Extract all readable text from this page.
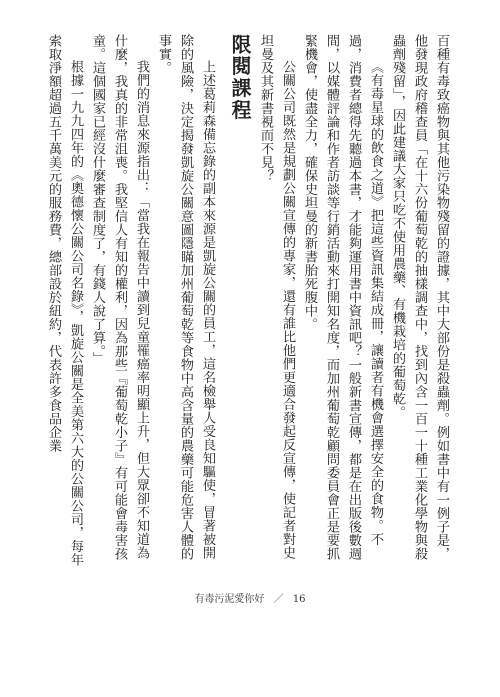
百種有毒致癌物與其他污染物殘留的證據，其中大部份是殺蟲劑。例如書中有一例子是，他發現政府稽查員「在十六份葡萄乾的抽樣調查中，找到內含一百一十種工業化學物與殺蟲劑殘留」，因此建議大家只吃不使用農藥、有機栽培的葡萄乾。

《有毒星球的飲食之道》把這些資訊集結成冊，讓讀者有機會選擇安全的食物。不過，消費者總得先聽過本書，才能夠運用書中資訊吧？一般新書宣傳，都是在出版後數週間，以媒體評論和作者訪談等行銷活動來打開知名度，而加州葡萄乾顧問委員會正是要抓緊機會，使盡全力，確保史坦曼的新書胎死腹中。

公關公司既然是規劃公關宣傳的專家，還有誰比他們更適合發起反宣傳，使記者對史坦曼及其新書視而不見？

限閱課程

上述葛莉森備忘錄的副本來源是凱旋公關的員工，這名檢舉人受良知驅使，冒著被開除的風險，決定揭發凱旋公關意圖隱瞞加州葡萄乾等食物中高含量的農藥可能危害人體的事實。

我們的消息來源指出：「當我在報告中讀到兒童罹癌率明顯上升，但大眾卻不知道為什麼，我真的非常沮喪。我堅信人有知的權利，因為那些『葡萄乾小子』有可能會毒害孩童。這個國家已經沒什麼審查制度了，有錢人說了算。」

根據一九九四年的《奧德懷公關公司名錄》，凱旋公關是全美第六大的公關公司，每年索取淨額超過五千萬美元的服務費，總部設於紐約，代表許多食品企業

有毒污泥愛你好 ／ 16
